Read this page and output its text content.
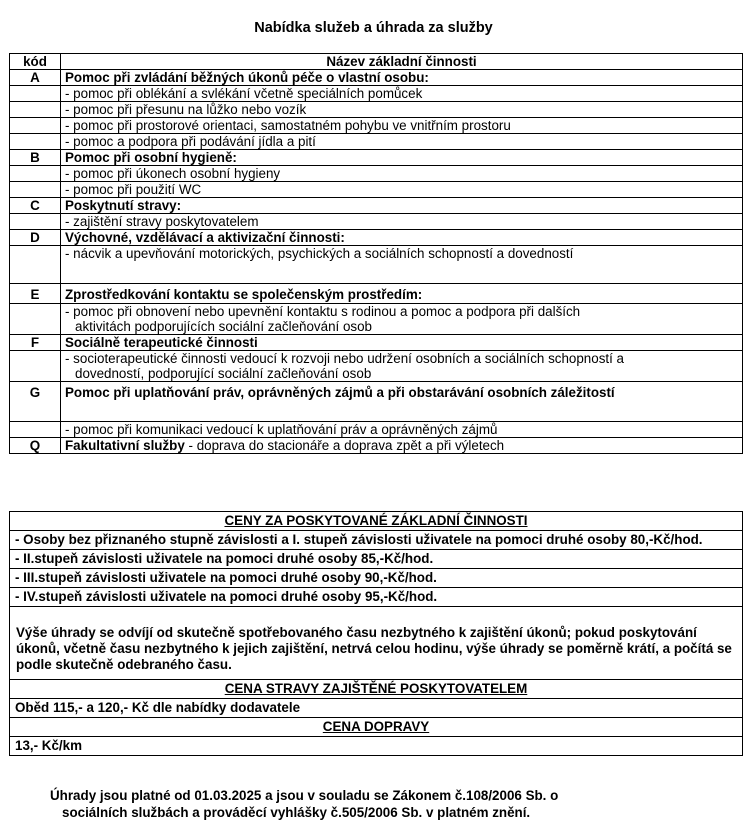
Nabídka služeb a úhrada za služby
kód	Název základní činnosti
A	Pomoc při zvládání běžných úkonů péče o vlastní osobu:
	- pomoc při oblékání a svlékání včetně speciálních pomůcek
	- pomoc při přesunu na lůžko nebo vozík
	- pomoc při prostorové orientaci, samostatném pohybu ve vnitřním prostoru
	- pomoc a podpora při podávání jídla a pití
B	Pomoc při osobní hygieně:
	- pomoc při úkonech osobní hygieny
	- pomoc při použití WC
C	Poskytnutí stravy:
	- zajištění stravy poskytovatelem
D	Výchovné, vzdělávací a aktivizační činnosti:
	- nácvik a upevňování motorických, psychických a sociálních schopností a dovedností
E	Zprostředkování kontaktu se společenským prostředím:
	- pomoc při obnovení nebo upevnění kontaktu s rodinou a pomoc a podpora při dalších
aktivitách podporujících sociální začleňování osob

F	Sociálně terapeutické činnosti
	- socioterapeutické činnosti vedoucí k rozvoji nebo udržení osobních a sociálních schopností a
dovedností, podporující sociální začleňování osob

G	Pomoc při uplatňování práv, oprávněných zájmů a při obstarávání osobních záležitostí
	- pomoc při komunikaci vedoucí k uplatňování práv a oprávněných zájmů
Q	Fakultativní služby - doprava do stacionáře a doprava zpět a při výletech
CENY ZA POSKYTOVANÉ ZÁKLADNÍ ČINNOSTI
- Osoby bez přiznaného stupně závislosti a I. stupeň závislosti uživatele na pomoci druhé osoby 80,-Kč/hod.
- II.stupeň závislosti uživatele na pomoci druhé osoby 85,-Kč/hod.
- III.stupeň závislosti uživatele na pomoci druhé osoby 90,-Kč/hod.
- IV.stupeň závislosti uživatele na pomoci druhé osoby 95,-Kč/hod.
Výše úhrady se odvíjí od skutečně spotřebovaného času nezbytného k zajištění úkonů; pokud poskytování úkonů, včetně času nezbytného k jejich zajištění, netrvá celou hodinu, výše úhrady se poměrně krátí, a počítá se podle skutečně odebraného času.
CENA STRAVY ZAJIŠTĚNÉ POSKYTOVATELEM
Oběd 115,- a 120,- Kč dle nabídky dodavatele
CENA DOPRAVY
13,- Kč/km
Úhrady jsou platné od 01.03.2025 a jsou v souladu se Zákonem č.108/2006 Sb. o
sociálních službách a prováděcí vyhlášky č.505/2006 Sb. v platném znění.
